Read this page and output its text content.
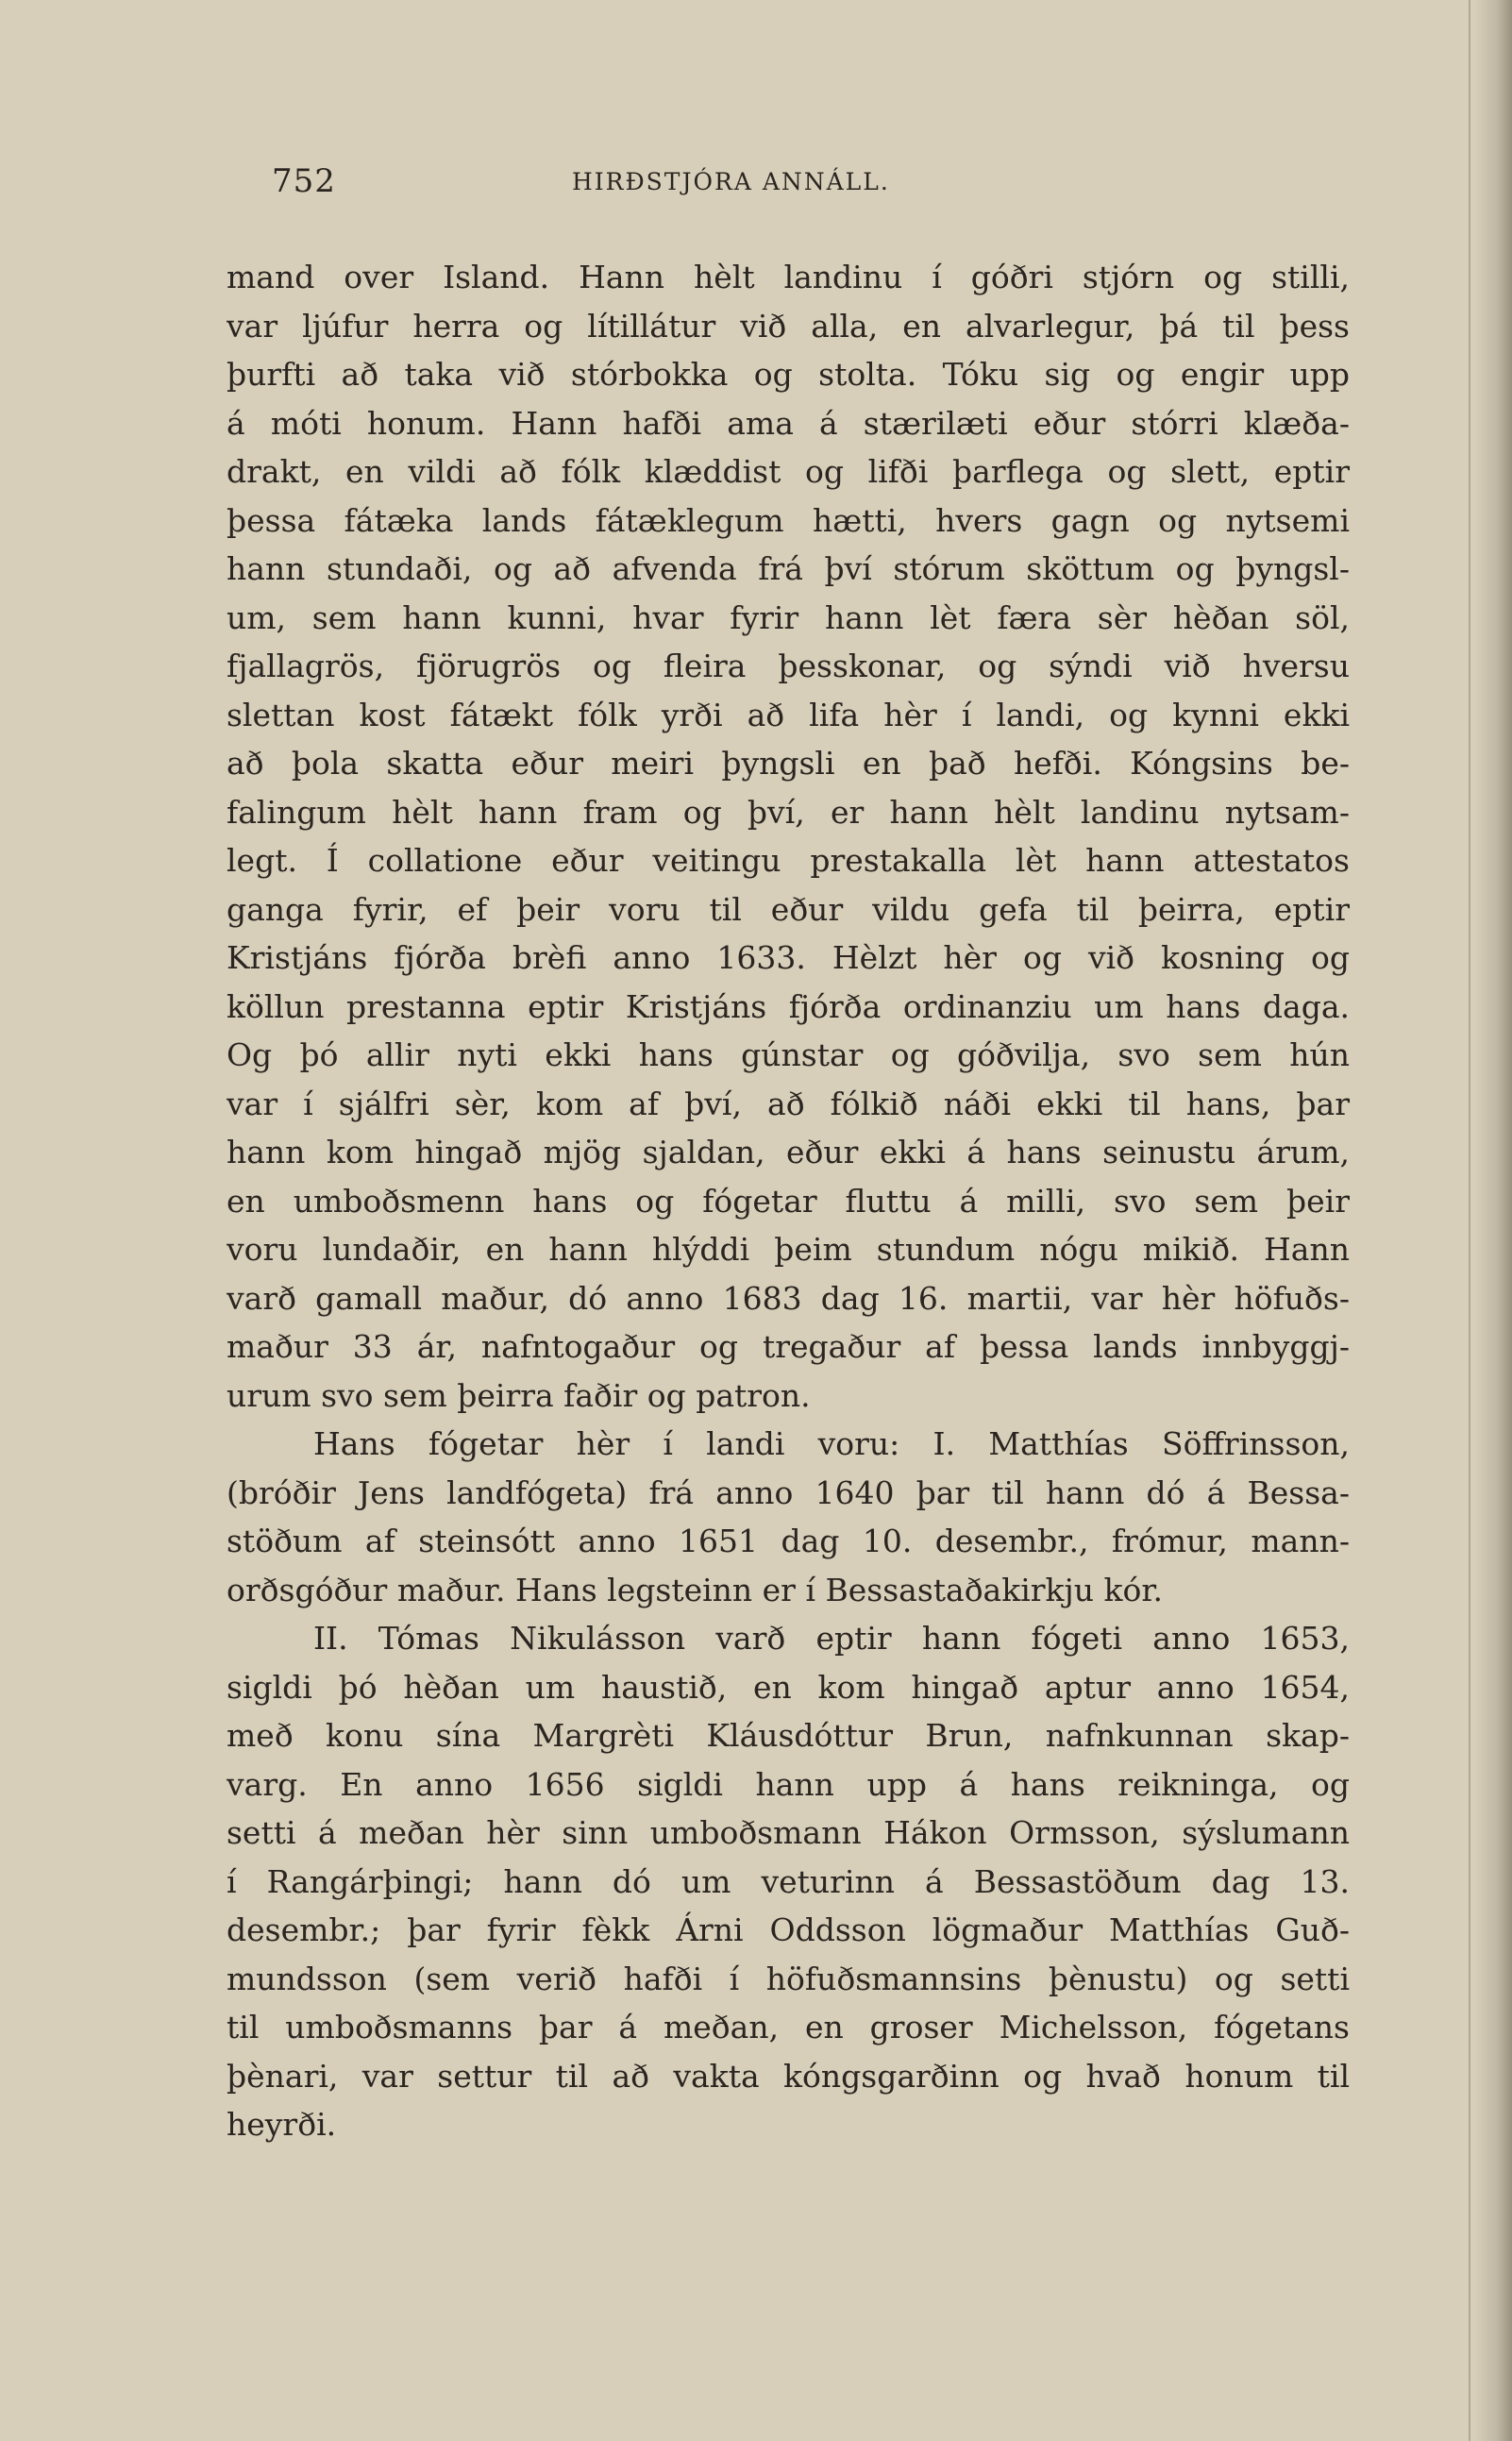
752	HIRÐSTJÓRA ANNÁLL.
mand over Island. Hann hèlt landinu í góðri stjórn og stilli,
var ljúfur herra og lítillátur við alla, en alvarlegur, þá til þess
þurfti að taka við stórbokka og stolta. Tóku sig og engir upp
á móti honum. Hann hafði ama á stærilæti eður stórri klæða-
drakt, en vildi að fólk klæddist og lifði þarflega og slett, eptir
þessa fátæka lands fátæklegum hætti, hvers gagn og nytsemi
hann stundaði, og að afvenda frá því stórum sköttum og þyngsl-
um, sem hann kunni, hvar fyrir hann lèt færa sèr hèðan söl,
fjallagrös, fjörugrös og fleira þesskonar, og sýndi við hversu
slettan kost fátækt fólk yrði að lifa hèr í landi, og kynni ekki
að þola skatta eður meiri þyngsli en það hefði. Kóngsins be-
falingum hèlt hann fram og því, er hann hèlt landinu nytsam-
legt. Í collatione eður veitingu prestakalla lèt hann attestatos
ganga fyrir, ef þeir voru til eður vildu gefa til þeirra, eptir
Kristjáns fjórða brèfi anno 1633. Hèlzt hèr og við kosning og
köllun prestanna eptir Kristjáns fjórða ordinanziu um hans daga.
Og þó allir nyti ekki hans gúnstar og góðvilja, svo sem hún
var í sjálfri sèr, kom af því, að fólkið náði ekki til hans, þar
hann kom hingað mjög sjaldan, eður ekki á hans seinustu árum,
en umboðsmenn hans og fógetar fluttu á milli, svo sem þeir
voru lundaðir, en hann hlýddi þeim stundum nógu mikið. Hann
varð gamall maður, dó anno 1683 dag 16. martii, var hèr höfuðs-
maður 33 ár, nafntogaður og tregaður af þessa lands innbyggj-
urum svo sem þeirra faðir og patron.
Hans fógetar hèr í landi voru: I. Matthías Söffrinsson,
(bróðir Jens landfógeta) frá anno 1640 þar til hann dó á Bessa-
stöðum af steinsótt anno 1651 dag 10. desembr., frómur, mann-
orðsgóður maður. Hans legsteinn er í Bessastaðakirkju kór.
II. Tómas Nikulásson varð eptir hann fógeti anno 1653,
sigldi þó hèðan um haustið, en kom hingað aptur anno 1654,
með konu sína Margrèti Kláusdóttur Brun, nafnkunnan skap-
varg. En anno 1656 sigldi hann upp á hans reikninga, og
setti á meðan hèr sinn umboðsmann Hákon Ormsson, sýslumann
í Rangárþingi; hann dó um veturinn á Bessastöðum dag 13.
desembr.; þar fyrir fèkk Árni Oddsson lögmaður Matthías Guð-
mundsson (sem verið hafði í höfuðsmannsins þènustu) og setti
til umboðsmanns þar á meðan, en groser Michelsson, fógetans
þènari, var settur til að vakta kóngsgarðinn og hvað honum til
heyrði.
